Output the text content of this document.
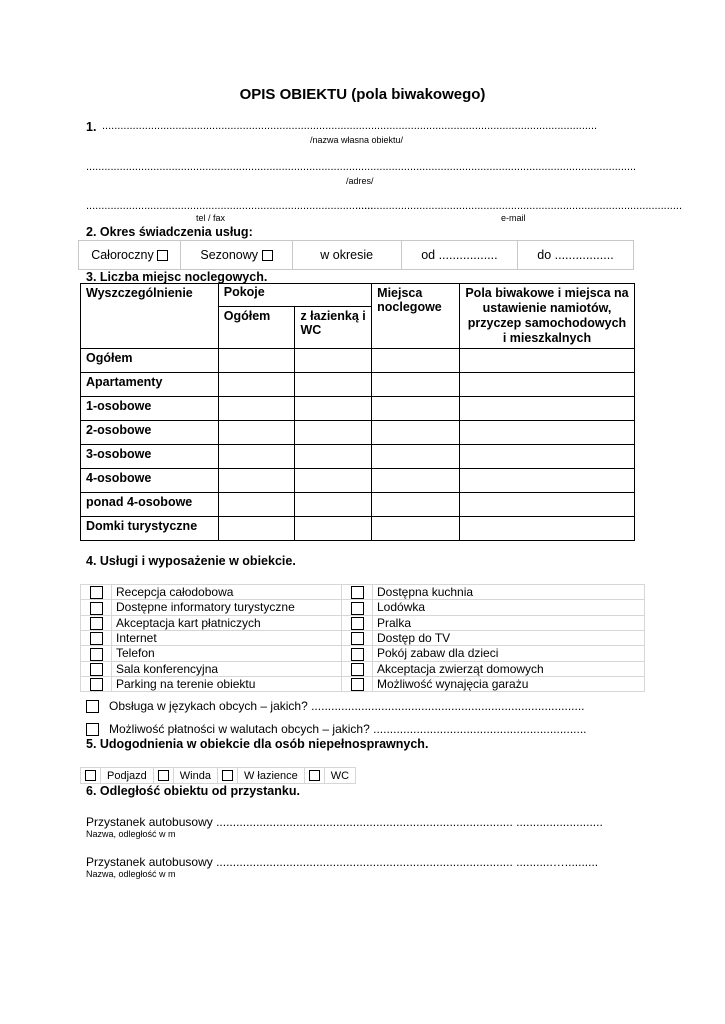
OPIS OBIEKTU (pola biwakowego)
1. ..................................................................................................................................................................
/nazwa własna obiektu/
....................................................................................................................................................................................
/adres/
..............................................................................................
...........................................................................................................
tel / fax	e-mail
2. Okres świadczenia usług:
Całoroczny	Sezonowy	w okresie	od .................	do .................
3. Liczba miejsc noclegowych.
Wyszczególnienie	Pokoje		Miejsca noclegowe	Pola biwakowe i miejsca na ustawienie namiotów, przyczep samochodowych i mieszkalnych
	Ogółem	z łazienką i WC		
Ogółem				
Apartamenty				
1-osobowe				
2-osobowe				
3-osobowe				
4-osobowe				
ponad 4-osobowe				
Domki turystyczne				
4. Usługi i wyposażenie w obiekcie.
	Recepcja całodobowa		Dostępna kuchnia
	Dostępne informatory turystyczne		Lodówka
	Akceptacja kart płatniczych		Pralka
	Internet		Dostęp do TV
	Telefon		Pokój zabaw dla dzieci
	Sala konferencyjna		Akceptacja zwierząt domowych
	Parking na terenie obiektu		Możliwość wynajęcia garażu
Obsługa w językach obcych – jakich? ..................................................................................
Możliwość płatności w walutach obcych – jakich? ................................................................
5. Udogodnienia w obiekcie dla osób niepełnosprawnych.
	Podjazd		Winda		W łazience		WC
6. Odległość obiektu od przystanku.
Przystanek autobusowy ......................................................................................... ..........................
Nazwa, odległość w m
Przystanek autobusowy ......................................................................................... ...........…..........
Nazwa, odległość w m
